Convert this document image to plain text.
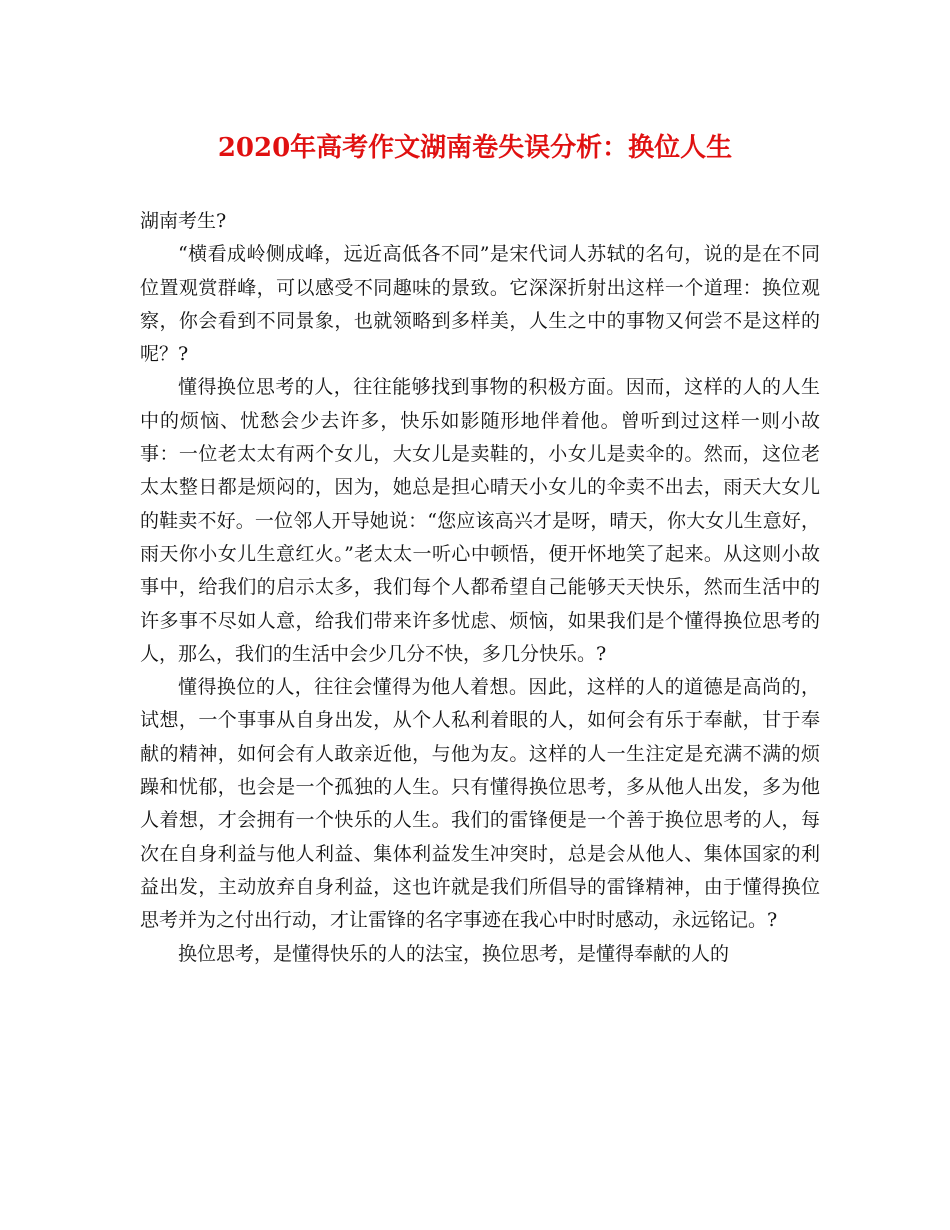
2020年高考作文湖南卷失误分析：换位人生

湖南考生?

“横看成岭侧成峰，远近高低各不同”是宋代词人苏轼的名句，说的是在不同位置观赏群峰，可以感受不同趣味的景致。它深深折射出这样一个道理：换位观察，你会看到不同景象，也就领略到多样美，人生之中的事物又何尝不是这样的呢？?

懂得换位思考的人，往往能够找到事物的积极方面。因而，这样的人的人生中的烦恼、忧愁会少去许多，快乐如影随形地伴着他。曾听到过这样一则小故事：一位老太太有两个女儿，大女儿是卖鞋的，小女儿是卖伞的。然而，这位老太太整日都是烦闷的，因为，她总是担心晴天小女儿的伞卖不出去，雨天大女儿的鞋卖不好。一位邻人开导她说：“您应该高兴才是呀，晴天，你大女儿生意好，雨天你小女儿生意红火。”老太太一听心中顿悟，便开怀地笑了起来。从这则小故事中，给我们的启示太多，我们每个人都希望自己能够天天快乐，然而生活中的许多事不尽如人意，给我们带来许多忧虑、烦恼，如果我们是个懂得换位思考的人，那么，我们的生活中会少几分不快，多几分快乐。?

懂得换位的人，往往会懂得为他人着想。因此，这样的人的道德是高尚的，试想，一个事事从自身出发，从个人私利着眼的人，如何会有乐于奉献，甘于奉献的精神，如何会有人敢亲近他，与他为友。这样的人一生注定是充满不满的烦躁和忧郁，也会是一个孤独的人生。只有懂得换位思考，多从他人出发，多为他人着想，才会拥有一个快乐的人生。我们的雷锋便是一个善于换位思考的人，每次在自身利益与他人利益、集体利益发生冲突时，总是会从他人、集体国家的利益出发，主动放弃自身利益，这也许就是我们所倡导的雷锋精神，由于懂得换位思考并为之付出行动，才让雷锋的名字事迹在我心中时时感动，永远铭记。?

换位思考，是懂得快乐的人的法宝，换位思考，是懂得奉献的人的
